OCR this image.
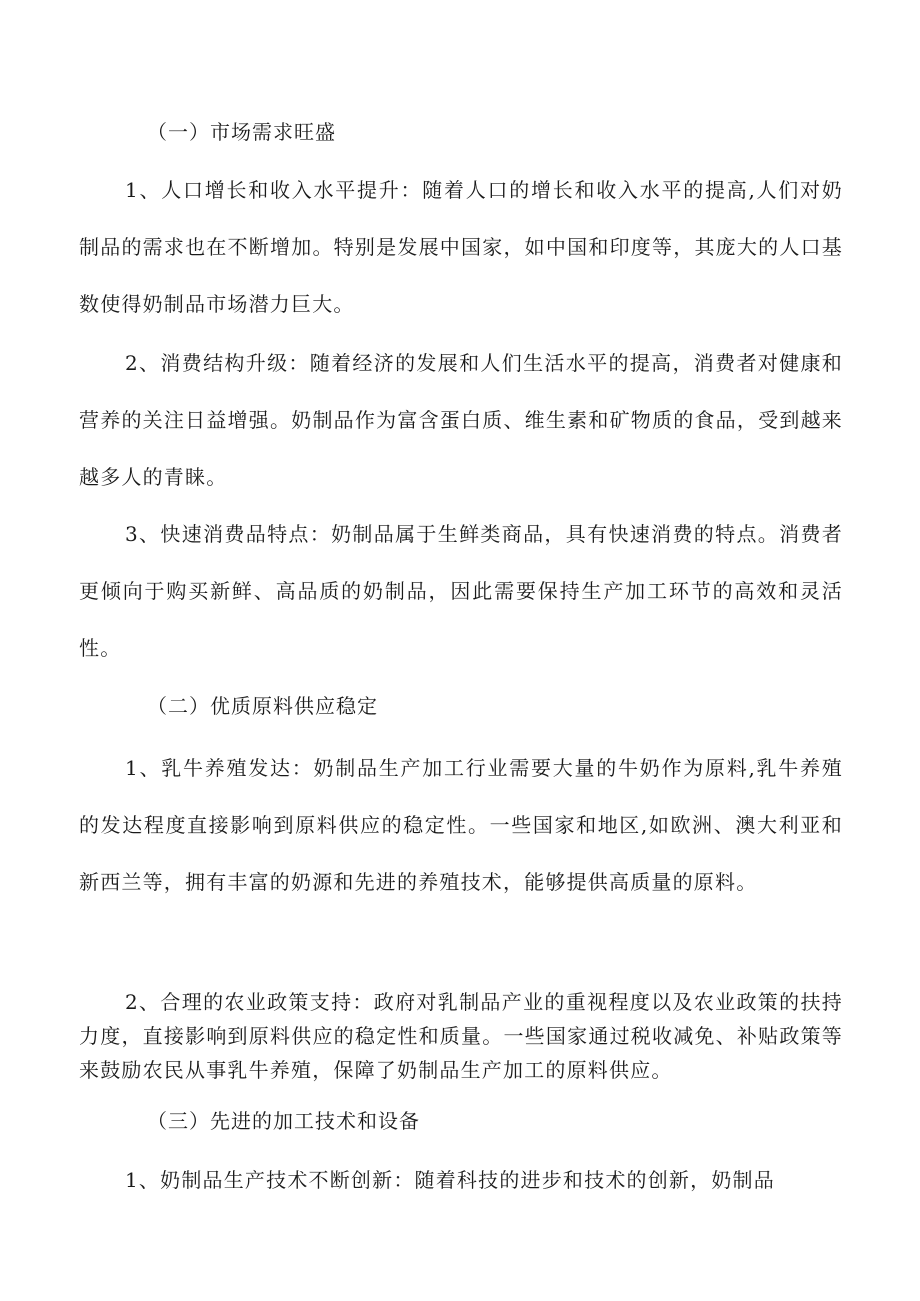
（一）市场需求旺盛

1、人口增长和收入水平提升：随着人口的增长和收入水平的提高,人们对奶制品的需求也在不断增加。特别是发展中国家，如中国和印度等，其庞大的人口基数使得奶制品市场潜力巨大。

2、消费结构升级：随着经济的发展和人们生活水平的提高，消费者对健康和营养的关注日益增强。奶制品作为富含蛋白质、维生素和矿物质的食品，受到越来越多人的青睐。

3、快速消费品特点：奶制品属于生鲜类商品，具有快速消费的特点。消费者更倾向于购买新鲜、高品质的奶制品，因此需要保持生产加工环节的高效和灵活性。

（二）优质原料供应稳定

1、乳牛养殖发达：奶制品生产加工行业需要大量的牛奶作为原料,乳牛养殖的发达程度直接影响到原料供应的稳定性。一些国家和地区,如欧洲、澳大利亚和新西兰等，拥有丰富的奶源和先进的养殖技术，能够提供高质量的原料。

2、合理的农业政策支持：政府对乳制品产业的重视程度以及农业政策的扶持力度，直接影响到原料供应的稳定性和质量。一些国家通过税收减免、补贴政策等来鼓励农民从事乳牛养殖，保障了奶制品生产加工的原料供应。

（三）先进的加工技术和设备

1、奶制品生产技术不断创新：随着科技的进步和技术的创新，奶制品
